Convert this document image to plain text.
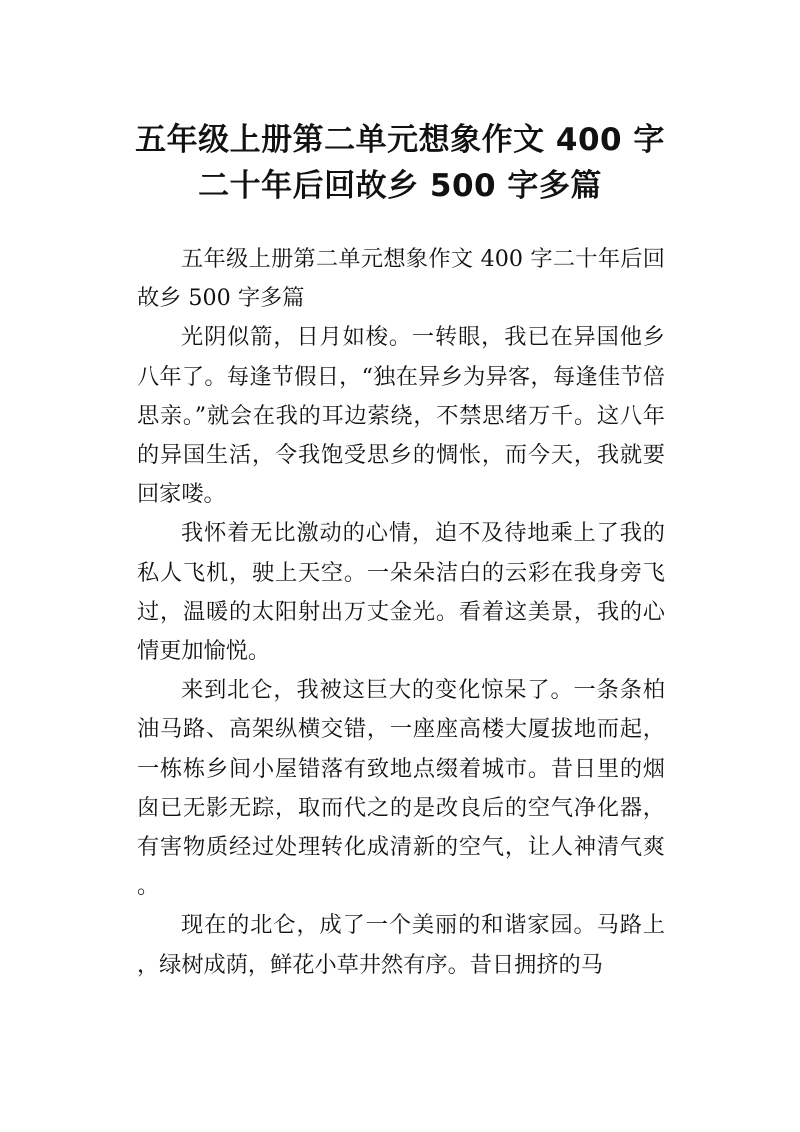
五年级上册第二单元想象作文 400 字
二十年后回故乡 500 字多篇

五年级上册第二单元想象作文 400 字二十年后回故乡 500 字多篇

光阴似箭，日月如梭。一转眼，我已在异国他乡八年了。每逢节假日，“独在异乡为异客，每逢佳节倍思亲。”就会在我的耳边萦绕，不禁思绪万千。这八年的异国生活，令我饱受思乡的惆怅，而今天，我就要回家喽。

我怀着无比激动的心情，迫不及待地乘上了我的私人飞机，驶上天空。一朵朵洁白的云彩在我身旁飞过，温暖的太阳射出万丈金光。看着这美景，我的心情更加愉悦。

来到北仑，我被这巨大的变化惊呆了。一条条柏油马路、高架纵横交错，一座座高楼大厦拔地而起，一栋栋乡间小屋错落有致地点缀着城市。昔日里的烟囱已无影无踪，取而代之的是改良后的空气净化器，有害物质经过处理转化成清新的空气，让人神清气爽。

现在的北仑，成了一个美丽的和谐家园。马路上，绿树成荫，鲜花小草井然有序。昔日拥挤的马
